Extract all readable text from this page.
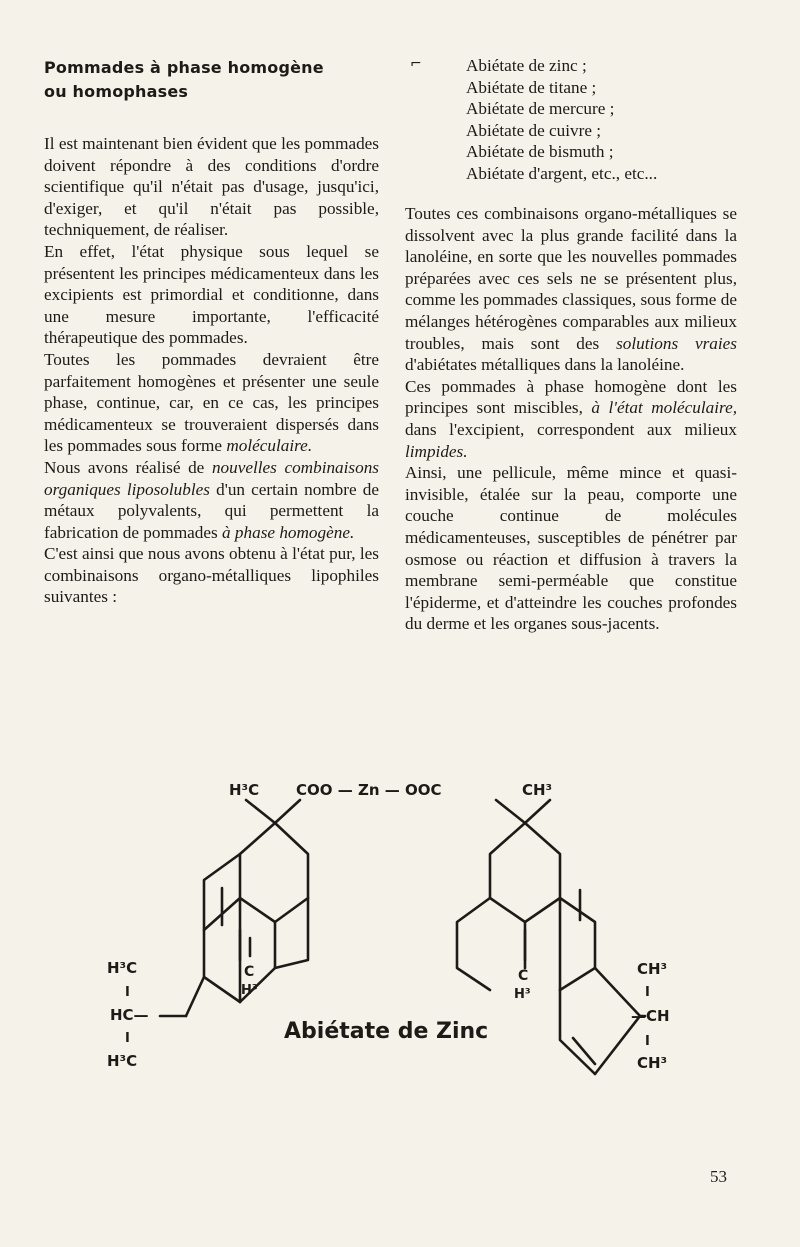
Pommades à phase homogène
ou homophases
⌐

Il est maintenant bien évident que les pommades doivent répondre à des conditions d'ordre scientifique qu'il n'était pas d'usage, jusqu'ici, d'exiger, et qu'il n'était pas possible, techniquement, de réaliser.

En effet, l'état physique sous lequel se présentent les principes médicamenteux dans les excipients est primordial et conditionne, dans une mesure importante, l'efficacité thérapeutique des pommades.

Toutes les pommades devraient être parfaitement homogènes et présenter une seule phase, continue, car, en ce cas, les principes médicamenteux se trouveraient dispersés dans les pommades sous forme moléculaire.

Nous avons réalisé de nouvelles combinaisons organiques liposolubles d'un certain nombre de métaux polyvalents, qui permettent la fabrication de pommades à phase homogène.

C'est ainsi que nous avons obtenu à l'état pur, les combinaisons organo-métalliques lipophiles suivantes :

Abiétate de zinc ;
Abiétate de titane ;
Abiétate de mercure ;
Abiétate de cuivre ;
Abiétate de bismuth ;
Abiétate d'argent, etc., etc...

Toutes ces combinaisons organo-métalliques se dissolvent avec la plus grande facilité dans la lanoléine, en sorte que les nouvelles pommades préparées avec ces sels ne se présentent plus, comme les pommades classiques, sous forme de mélanges hétérogènes comparables aux milieux troubles, mais sont des solutions vraies d'abiétates métalliques dans la lanoléine.

Ces pommades à phase homogène dont les principes sont miscibles, à l'état moléculaire, dans l'excipient, correspondent aux milieux limpides.

Ainsi, une pellicule, même mince et quasi-invisible, étalée sur la peau, comporte une couche continue de molécules médicamenteuses, susceptibles de pénétrer par osmose ou réaction et diffusion à travers la membrane semi-perméable que constitue l'épiderme, et d'atteindre les couches profondes du derme et les organes sous-jacents.

H³C COO — Zn — OOC	CH³
H³C
I
HC—
I
H³C
C
H³
C
H³
CH³
I
—CH
I
CH³
Abiétate de Zinc
53
